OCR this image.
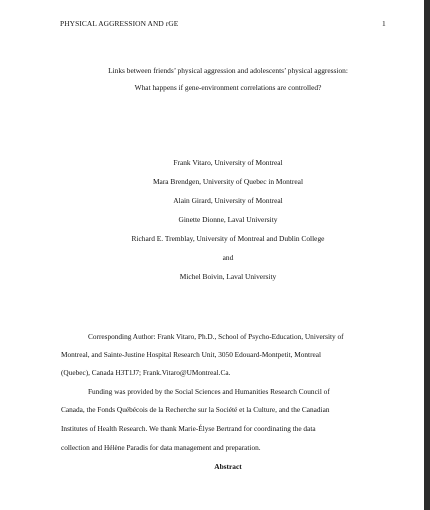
PHYSICAL AGGRESSION AND rGE	1
Links between friends’ physical aggression and adolescents’ physical aggression:
What happens if gene-environment correlations are controlled?
Frank Vitaro, University of Montreal
Mara Brendgen, University of Quebec in Montreal
Alain Girard, University of Montreal
Ginette Dionne, Laval University
Richard E. Tremblay, University of Montreal and Dublin College
and
Michel Boivin, Laval University
Corresponding Author: Frank Vitaro, Ph.D., School of Psycho-Education, University of
Montreal, and Sainte-Justine Hospital Research Unit, 3050 Edouard-Montpetit, Montreal
(Quebec), Canada H3T1J7; Frank.Vitaro@UMontreal.Ca.
Funding was provided by the Social Sciences and Humanities Research Council of
Canada, the Fonds Québécois de la Recherche sur la Société et la Culture, and the Canadian
Institutes of Health Research. We thank Marie-Élyse Bertrand for coordinating the data
collection and Hélène Paradis for data management and preparation.
Abstract
